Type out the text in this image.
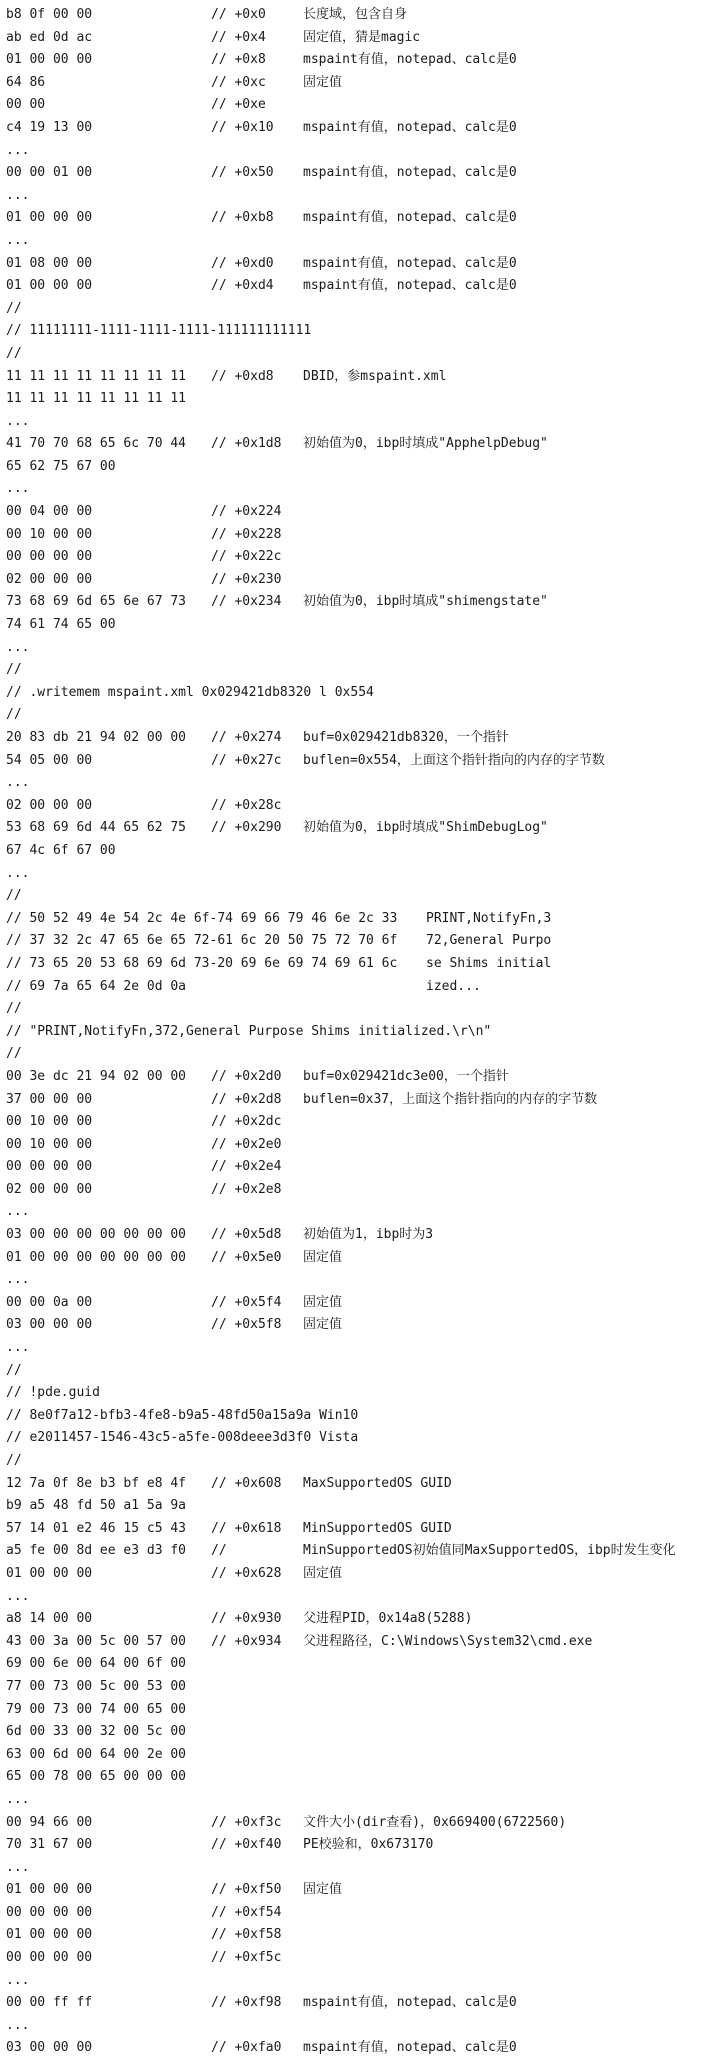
b8 0f 00 00	// +0x0	长度域，包含自身
ab ed 0d ac	// +0x4	固定值，猜是magic
01 00 00 00	// +0x8	mspaint有值，notepad、calc是0
64 86	// +0xc	固定值
00 00	// +0xe
c4 19 13 00	// +0x10	mspaint有值，notepad、calc是0
...
00 00 01 00	// +0x50	mspaint有值，notepad、calc是0
...
01 00 00 00	// +0xb8	mspaint有值，notepad、calc是0
...
01 08 00 00	// +0xd0	mspaint有值，notepad、calc是0
01 00 00 00	// +0xd4	mspaint有值，notepad、calc是0
//
// 11111111-1111-1111-1111-111111111111
//
11 11 11 11 11 11 11 11	// +0xd8	DBID，参mspaint.xml
11 11 11 11 11 11 11 11
...
41 70 70 68 65 6c 70 44	// +0x1d8	初始值为0，ibp时填成"ApphelpDebug"
65 62 75 67 00
...
00 04 00 00	// +0x224
00 10 00 00	// +0x228
00 00 00 00	// +0x22c
02 00 00 00	// +0x230
73 68 69 6d 65 6e 67 73	// +0x234	初始值为0，ibp时填成"shimengstate"
74 61 74 65 00
...
//
// .writemem mspaint.xml 0x029421db8320 l 0x554
//
20 83 db 21 94 02 00 00	// +0x274	buf=0x029421db8320，一个指针
54 05 00 00	// +0x27c	buflen=0x554，上面这个指针指向的内存的字节数
...
02 00 00 00	// +0x28c
53 68 69 6d 44 65 62 75	// +0x290	初始值为0，ibp时填成"ShimDebugLog"
67 4c 6f 67 00
...
//
// 50 52 49 4e 54 2c 4e 6f-74 69 66 79 46 6e 2c 33	PRINT,NotifyFn,3
// 37 32 2c 47 65 6e 65 72-61 6c 20 50 75 72 70 6f	72,General Purpo
// 73 65 20 53 68 69 6d 73-20 69 6e 69 74 69 61 6c	se Shims initial
// 69 7a 65 64 2e 0d 0a	ized...
//
// "PRINT,NotifyFn,372,General Purpose Shims initialized.\r\n"
//
00 3e dc 21 94 02 00 00	// +0x2d0	buf=0x029421dc3e00，一个指针
37 00 00 00	// +0x2d8	buflen=0x37，上面这个指针指向的内存的字节数
00 10 00 00	// +0x2dc
00 10 00 00	// +0x2e0
00 00 00 00	// +0x2e4
02 00 00 00	// +0x2e8
...
03 00 00 00 00 00 00 00	// +0x5d8	初始值为1，ibp时为3
01 00 00 00 00 00 00 00	// +0x5e0	固定值
...
00 00 0a 00	// +0x5f4	固定值
03 00 00 00	// +0x5f8	固定值
...
//
// !pde.guid
// 8e0f7a12-bfb3-4fe8-b9a5-48fd50a15a9a Win10
// e2011457-1546-43c5-a5fe-008deee3d3f0 Vista
//
12 7a 0f 8e b3 bf e8 4f	// +0x608	MaxSupportedOS GUID
b9 a5 48 fd 50 a1 5a 9a
57 14 01 e2 46 15 c5 43	// +0x618	MinSupportedOS GUID
a5 fe 00 8d ee e3 d3 f0	//	MinSupportedOS初始值同MaxSupportedOS，ibp时发生变化
01 00 00 00	// +0x628	固定值
...
a8 14 00 00	// +0x930	父进程PID，0x14a8(5288)
43 00 3a 00 5c 00 57 00	// +0x934	父进程路径，C:\Windows\System32\cmd.exe
69 00 6e 00 64 00 6f 00
77 00 73 00 5c 00 53 00
79 00 73 00 74 00 65 00
6d 00 33 00 32 00 5c 00
63 00 6d 00 64 00 2e 00
65 00 78 00 65 00 00 00
...
00 94 66 00	// +0xf3c	文件大小(dir查看)，0x669400(6722560)
70 31 67 00	// +0xf40	PE校验和，0x673170
...
01 00 00 00	// +0xf50	固定值
00 00 00 00	// +0xf54
01 00 00 00	// +0xf58
00 00 00 00	// +0xf5c
...
00 00 ff ff	// +0xf98	mspaint有值，notepad、calc是0
...
03 00 00 00	// +0xfa0	mspaint有值，notepad、calc是0
